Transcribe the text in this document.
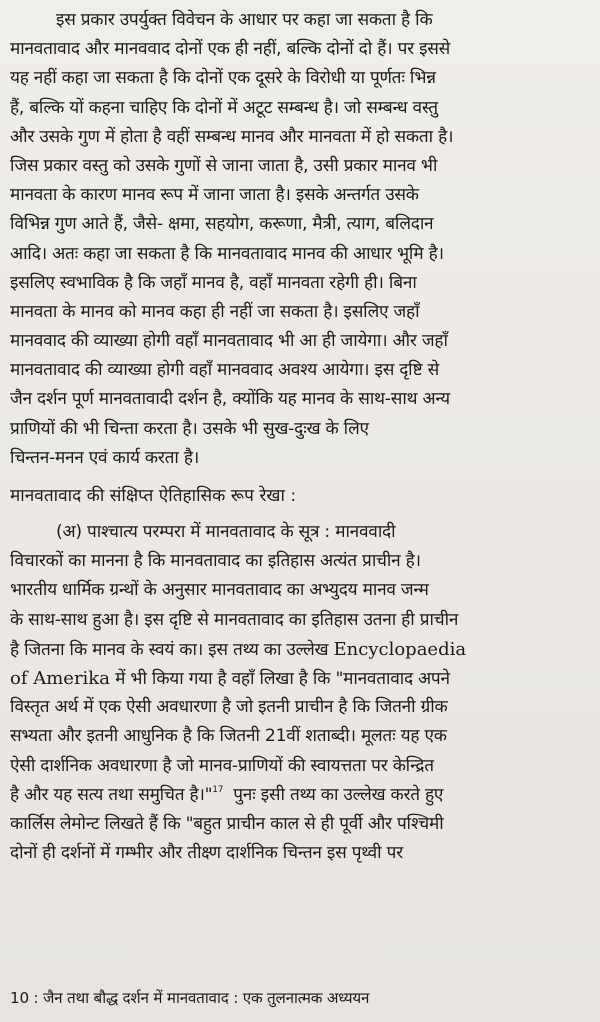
इस प्रकार उपर्युक्त विवेचन के आधार पर कहा जा सकता है कि

मानवतावाद और मानववाद दोनों एक ही नहीं, बल्कि दोनों दो हैं। पर इससे

यह नहीं कहा जा सकता है कि दोनों एक दूसरे के विरोधी या पूर्णतः भिन्न

हैं, बल्कि यों कहना चाहिए कि दोनों में अटूट सम्बन्ध है। जो सम्बन्ध वस्तु

और उसके गुण में होता है वहीं सम्बन्ध मानव और मानवता में हो सकता है।

जिस प्रकार वस्तु को उसके गुणों से जाना जाता है, उसी प्रकार मानव भी

मानवता के कारण मानव रूप में जाना जाता है। इसके अन्तर्गत उसके

विभिन्न गुण आते हैं, जैसे- क्षमा, सहयोग, करूणा, मैत्री, त्याग, बलिदान

आदि। अतः कहा जा सकता है कि मानवतावाद मानव की आधार भूमि है।

इसलिए स्वभाविक है कि जहाँ मानव है, वहाँ मानवता रहेगी ही। बिना

मानवता के मानव को मानव कहा ही नहीं जा सकता है। इसलिए जहाँ

मानववाद की व्याख्या होगी वहाँ मानवतावाद भी आ ही जायेगा। और जहाँ

मानवतावाद की व्याख्या होगी वहाँ मानववाद अवश्य आयेगा। इस दृष्टि से

जैन दर्शन पूर्ण मानवतावादी दर्शन है, क्योंकि यह मानव के साथ-साथ अन्य

प्राणियों की भी चिन्ता करता है। उसके भी सुख-दुःख के लिए

चिन्तन-मनन एवं कार्य करता है।

मानवतावाद की संक्षिप्त ऐतिहासिक रूप रेखा :

(अ) पाश्चात्य परम्परा में मानवतावाद के सूत्र : मानववादी

विचारकों का मानना है कि मानवतावाद का इतिहास अत्यंत प्राचीन है।

भारतीय धार्मिक ग्रन्थों के अनुसार मानवतावाद का अभ्युदय मानव जन्म

के साथ-साथ हुआ है। इस दृष्टि से मानवतावाद का इतिहास उतना ही प्राचीन

है जितना कि मानव के स्वयं का। इस तथ्य का उल्लेख Encyclopaedia

of Amerika में भी किया गया है वहाँ लिखा है कि "मानवतावाद अपने

विस्तृत अर्थ में एक ऐसी अवधारणा है जो इतनी प्राचीन है कि जितनी ग्रीक

सभ्यता और इतनी आधुनिक है कि जितनी 21वीं शताब्दी। मूलतः यह एक

ऐसी दार्शनिक अवधारणा है जो मानव-प्राणियों की स्वायत्तता पर केन्द्रित

है और यह सत्य तथा समुचित है।"$^{17}$ पुनः इसी तथ्य का उल्लेख करते हुए

कार्लिस लेमोन्ट लिखते हैं कि "बहुत प्राचीन काल से ही पूर्वी और पश्चिमी

दोनों ही दर्शनों में गम्भीर और तीक्ष्ण दार्शनिक चिन्तन इस पृथ्वी पर

10 : जैन तथा बौद्ध दर्शन में मानवतावाद : एक तुलनात्मक अध्ययन
